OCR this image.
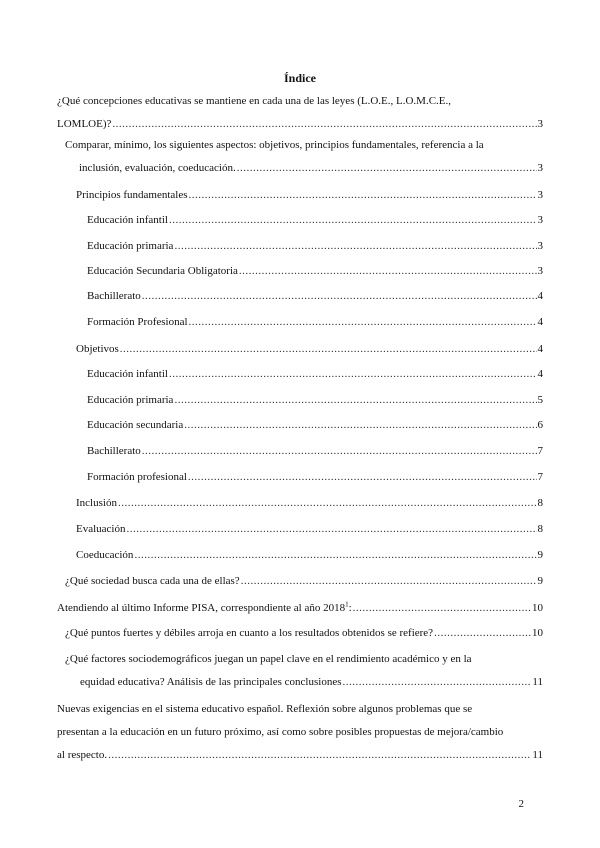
Índice
¿Qué concepciones educativas se mantiene en cada una de las leyes (L.O.E., L.O.M.C.E.,
LOMLOE)? .....	3
Comparar, mínimo, los siguientes aspectos: objetivos, principios fundamentales, referencia a la
inclusión, evaluación, coeducación. .....	3
Principios fundamentales .....	3
Educación infantil .....	3
Educación primaria .....	3
Educación Secundaria Obligatoria .....	3
Bachillerato .....	4
Formación Profesional .....	4
Objetivos .....	4
Educación infantil .....	4
Educación primaria .....	5
Educación secundaria .....	6
Bachillerato .....	7
Formación profesional .....	7
Inclusión .....	8
Evaluación .....	8
Coeducación .....	9
¿Qué sociedad busca cada una de ellas? .....	9
Atendiendo al último Informe PISA, correspondiente al año 2018$^1$: .....	10
¿Qué puntos fuertes y débiles arroja en cuanto a los resultados obtenidos se refiere? .....	10
¿Qué factores sociodemográficos juegan un papel clave en el rendimiento académico y en la
equidad educativa? Análisis de las principales conclusiones .....	11
Nuevas exigencias en el sistema educativo español. Reflexión sobre algunos problemas que se
presentan a la educación en un futuro próximo, así como sobre posibles propuestas de mejora/cambio
al respecto. .....	11
2
